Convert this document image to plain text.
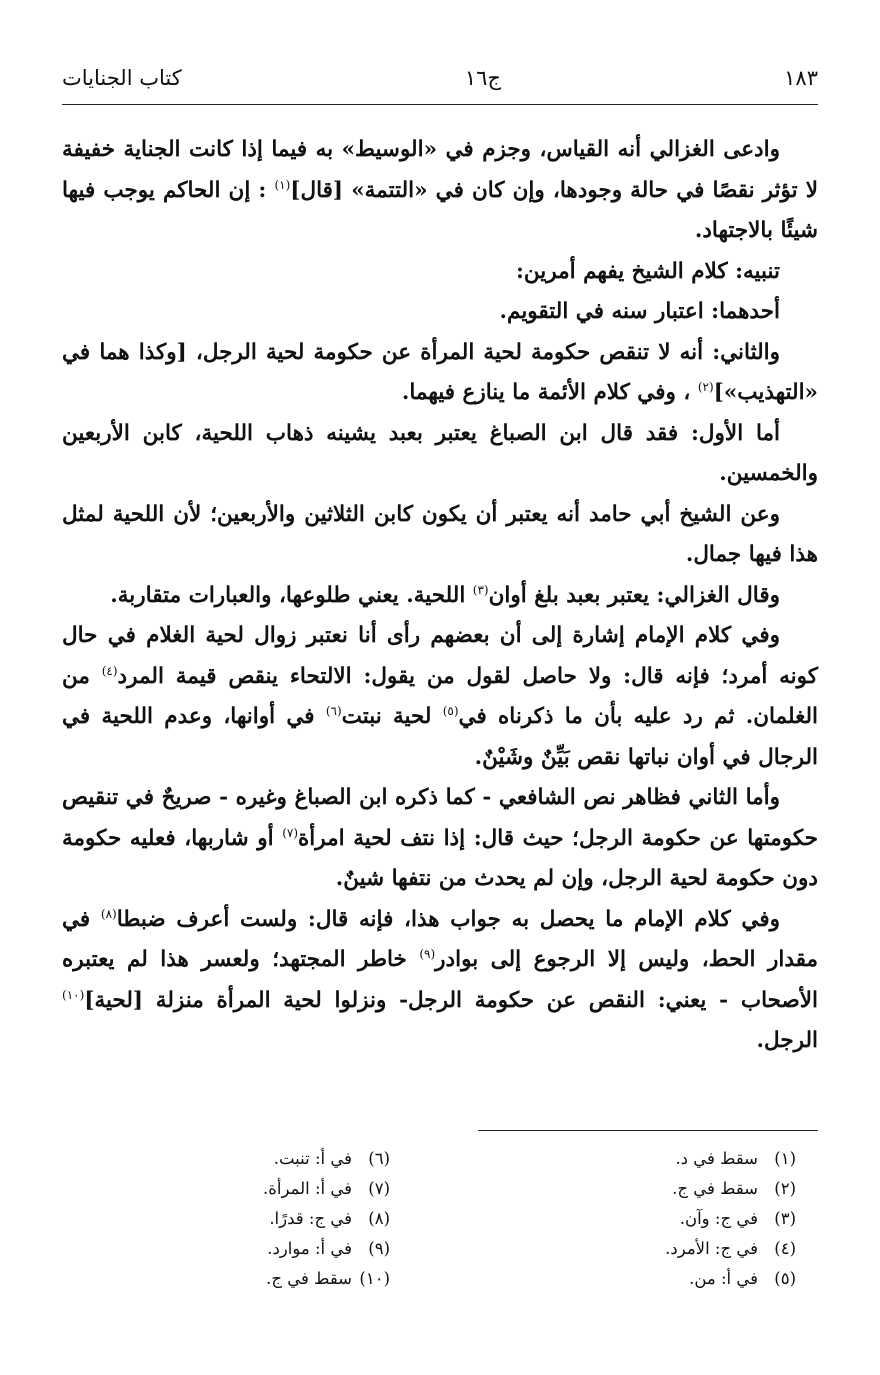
١٨٣
ج١٦
كتاب الجنايات

وادعى الغزالي أنه القياس، وجزم في «الوسيط» به فيما إذا كانت الجناية خفيفة لا تؤثر نقصًا في حالة وجودها، وإن كان في «التتمة» [قال]$^{(١)}$ : إن الحاكم يوجب فيها شيئًا بالاجتهاد.

تنبيه: كلام الشيخ يفهم أمرين:

أحدهما: اعتبار سنه في التقويم.

والثاني: أنه لا تنقص حكومة لحية المرأة عن حكومة لحية الرجل، [وكذا هما في «التهذيب»]$^{(٢)}$ ، وفي كلام الأئمة ما ينازع فيهما.

أما الأول: فقد قال ابن الصباغ يعتبر بعبد يشينه ذهاب اللحية، كابن الأربعين والخمسين.

وعن الشيخ أبي حامد أنه يعتبر أن يكون كابن الثلاثين والأربعين؛ لأن اللحية لمثل هذا فيها جمال.

وقال الغزالي: يعتبر بعبد بلغ أوان$^{(٣)}$ اللحية. يعني طلوعها، والعبارات متقاربة.

وفي كلام الإمام إشارة إلى أن بعضهم رأى أنا نعتبر زوال لحية الغلام في حال كونه أمرد؛ فإنه قال: ولا حاصل لقول من يقول: الالتحاء ينقص قيمة المرد$^{(٤)}$ من الغلمان. ثم رد عليه بأن ما ذكرناه في$^{(٥)}$ لحية نبتت$^{(٦)}$ في أوانها، وعدم اللحية في الرجال في أوان نباتها نقص بَيِّنٌ وشَيْنٌ.

وأما الثاني فظاهر نص الشافعي - كما ذكره ابن الصباغ وغيره - صريحٌ في تنقيص حكومتها عن حكومة الرجل؛ حيث قال: إذا نتف لحية امرأة$^{(٧)}$ أو شاربها، فعليه حكومة دون حكومة لحية الرجل، وإن لم يحدث من نتفها شينٌ.

وفي كلام الإمام ما يحصل به جواب هذا، فإنه قال: ولست أعرف ضبطا$^{(٨)}$ في مقدار الحط، وليس إلا الرجوع إلى بوادر$^{(٩)}$ خاطر المجتهد؛ ولعسر هذا لم يعتبره الأصحاب - يعني: النقص عن حكومة الرجل- ونزلوا لحية المرأة منزلة [لحية]$^{(١٠)}$ الرجل.

(١)سقط في د.
(٢)سقط في ج.
(٣)في ج: وآن.
(٤)في ج: الأمرد.
(٥)في أ: من.
(٦)في أ: تنبت.
(٧)في أ: المرأة.
(٨)في ج: قدرًا.
(٩)في أ: موارد.
(١٠)سقط في ج.
